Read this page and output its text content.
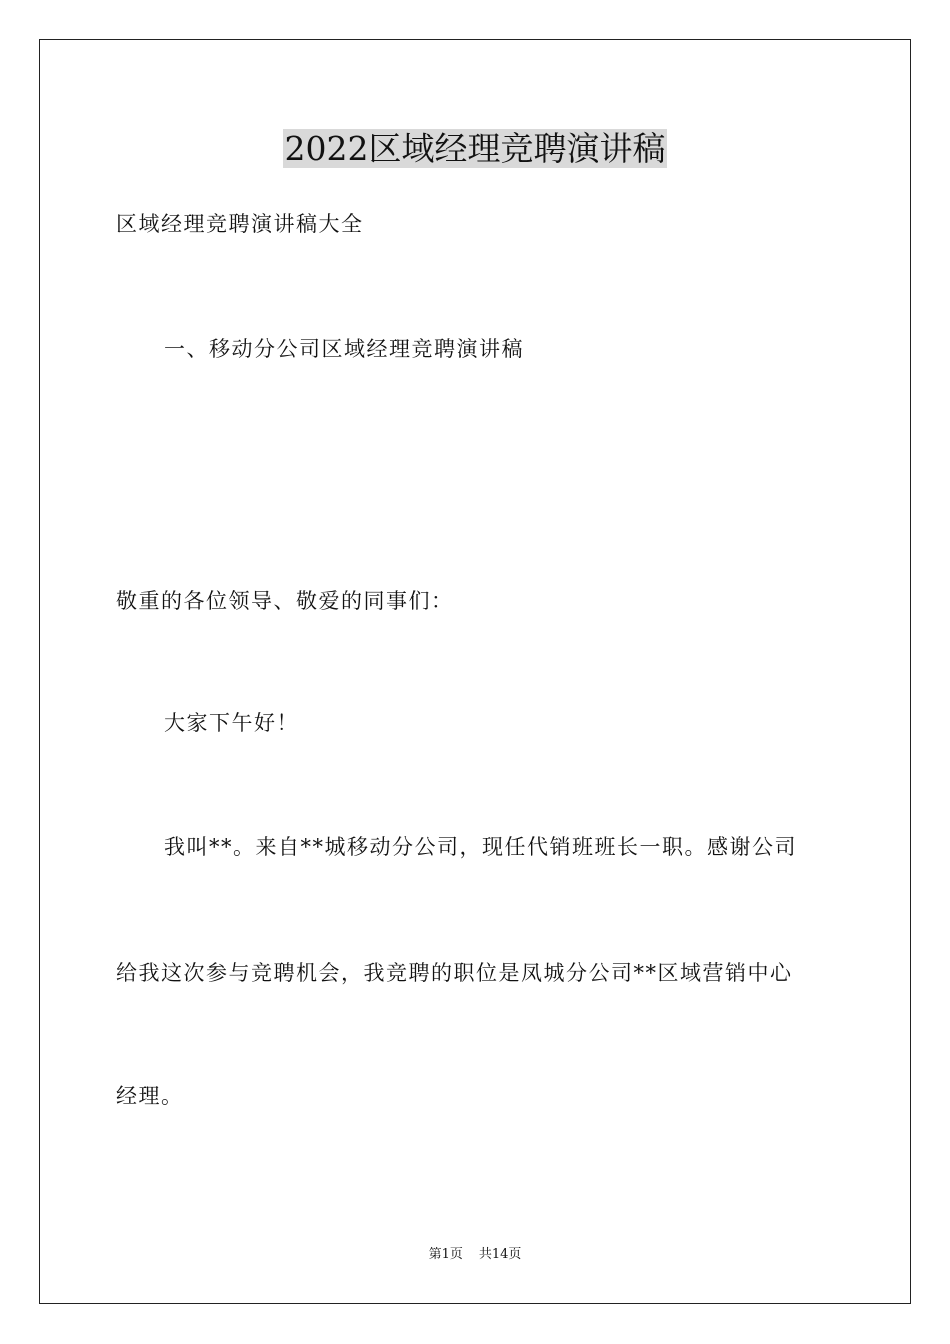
2022区域经理竞聘演讲稿
区域经理竞聘演讲稿大全
一、移动分公司区域经理竞聘演讲稿
敬重的各位领导、敬爱的同事们：
大家下午好！
我叫**。来自**城移动分公司，现任代销班班长一职。感谢公司
给我这次参与竞聘机会，我竞聘的职位是凤城分公司**区域营销中心
经理。
第1页 共14页
